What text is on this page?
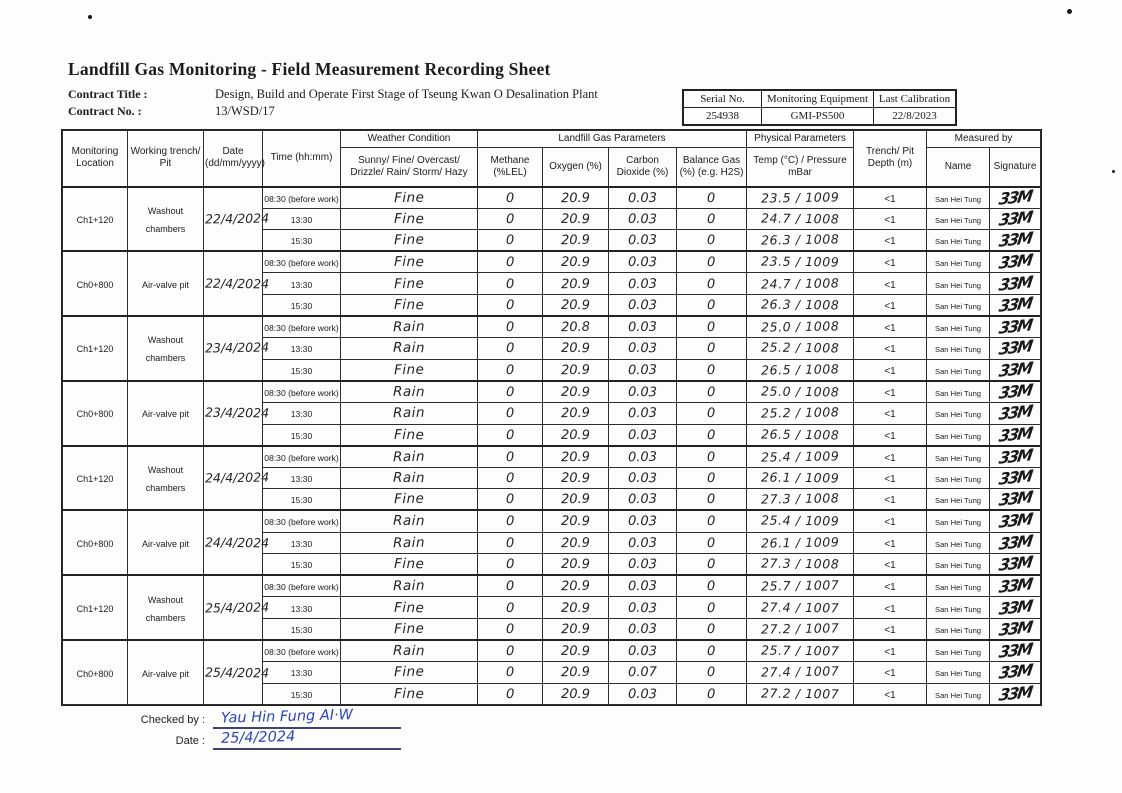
Landfill Gas Monitoring - Field Measurement Recording Sheet
Contract Title :	Design, Build and Operate First Stage of Tseung Kwan O Desalination Plant
Contract No. :	13/WSD/17
Serial No.	Monitoring Equipment	Last Calibration
254938	GMI-PS500	22/8/2023
Monitoring Location	Working trench/ Pit	Date (dd/mm/yyyy)	Time (hh:mm)	Weather Condition	Landfill Gas Parameters				Physical Parameters	Trench/ Pit Depth (m)	Measured by	
				Sunny/ Fine/ Overcast/ Drizzle/ Rain/ Storm/ Hazy	Methane (%LEL)	Oxygen (%)	Carbon Dioxide (%)	Balance Gas (%) (e.g. H2S)	Temp (°C) / Pressure mBar		Name	Signature
Ch1+120	Washout chambers	22/4/2024	08:30 (before work)	Fine	0	20.9	0.03	0	23.5 / 1009	<1	San Hei Tung	33M
			13:30	Fine	0	20.9	0.03	0	24.7 / 1008	<1	San Hei Tung	33M
			15:30	Fine	0	20.9	0.03	0	26.3 / 1008	<1	San Hei Tung	33M
Ch0+800	Air-valve pit	22/4/2024	08:30 (before work)	Fine	0	20.9	0.03	0	23.5 / 1009	<1	San Hei Tung	33M
			13:30	Fine	0	20.9	0.03	0	24.7 / 1008	<1	San Hei Tung	33M
			15:30	Fine	0	20.9	0.03	0	26.3 / 1008	<1	San Hei Tung	33M
Ch1+120	Washout chambers	23/4/2024	08:30 (before work)	Rain	0	20.8	0.03	0	25.0 / 1008	<1	San Hei Tung	33M
			13:30	Rain	0	20.9	0.03	0	25.2 / 1008	<1	San Hei Tung	33M
			15:30	Fine	0	20.9	0.03	0	26.5 / 1008	<1	San Hei Tung	33M
Ch0+800	Air-valve pit	23/4/2024	08:30 (before work)	Rain	0	20.9	0.03	0	25.0 / 1008	<1	San Hei Tung	33M
			13:30	Rain	0	20.9	0.03	0	25.2 / 1008	<1	San Hei Tung	33M
			15:30	Fine	0	20.9	0.03	0	26.5 / 1008	<1	San Hei Tung	33M
Ch1+120	Washout chambers	24/4/2024	08:30 (before work)	Rain	0	20.9	0.03	0	25.4 / 1009	<1	San Hei Tung	33M
			13:30	Rain	0	20.9	0.03	0	26.1 / 1009	<1	San Hei Tung	33M
			15:30	Fine	0	20.9	0.03	0	27.3 / 1008	<1	San Hei Tung	33M
Ch0+800	Air-valve pit	24/4/2024	08:30 (before work)	Rain	0	20.9	0.03	0	25.4 / 1009	<1	San Hei Tung	33M
			13:30	Rain	0	20.9	0.03	0	26.1 / 1009	<1	San Hei Tung	33M
			15:30	Fine	0	20.9	0.03	0	27.3 / 1008	<1	San Hei Tung	33M
Ch1+120	Washout chambers	25/4/2024	08:30 (before work)	Rain	0	20.9	0.03	0	25.7 / 1007	<1	San Hei Tung	33M
			13:30	Fine	0	20.9	0.03	0	27.4 / 1007	<1	San Hei Tung	33M
			15:30	Fine	0	20.9	0.03	0	27.2 / 1007	<1	San Hei Tung	33M
Ch0+800	Air-valve pit	25/4/2024	08:30 (before work)	Rain	0	20.9	0.03	0	25.7 / 1007	<1	San Hei Tung	33M
			13:30	Fine	0	20.9	0.07	0	27.4 / 1007	<1	San Hei Tung	33M
			15:30	Fine	0	20.9	0.03	0	27.2 / 1007	<1	San Hei Tung	33M
Checked by :	Yau Hin Fung AI·W
Date :	25/4/2024
